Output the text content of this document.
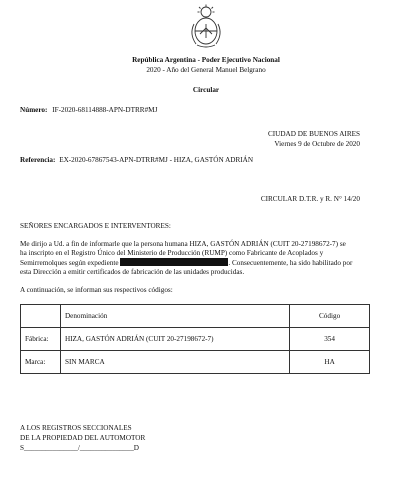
República Argentina - Poder Ejecutivo Nacional
2020 - Año del General Manuel Belgrano
Circular
Número: IF-2020-68114888-APN-DTRR#MJ
CIUDAD DE BUENOS AIRES
Viernes 9 de Octubre de 2020
Referencia: EX-2020-67867543-APN-DTRR#MJ - HIZA, GASTÓN ADRIÁN
CIRCULAR D.T.R. y R. N° 14/20
SEÑORES ENCARGADOS E INTERVENTORES:
Me dirijo a Ud. a fin de informarle que la persona humana HIZA, GASTÓN ADRIÁN (CUIT 20-27198672-7) se
ha inscripto en el Registro Único del Ministerio de Producción (RUMP) como Fabricante de Acoplados y
Semirremolques según expediente	. Consecuentemente, ha sido habilitado por
esta Dirección a emitir certificados de fabricación de las unidades producidas.
A continuación, se informan sus respectivos códigos:
	Denominación	Código
Fábrica:	HIZA, GASTÓN ADRIÁN (CUIT 20-27198672-7)	354
Marca:	SIN MARCA	HA
A LOS REGISTROS SECCIONALES
DE LA PROPIEDAD DEL AUTOMOTOR
S_______________/_______________D
